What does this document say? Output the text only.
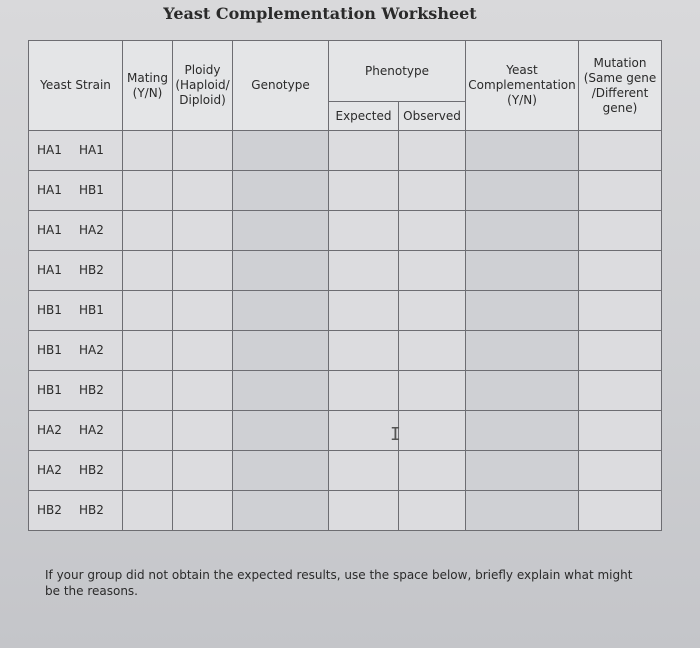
Yeast Complementation Worksheet
Yeast Strain	Mating (Y/N)	Ploidy (Haploid/ Diploid)	Genotype	Phenotype		Yeast Complementation (Y/N)	Mutation (Same gene /Different gene)
				Expected	Observed		
HA1 HA1							
HA1 HB1							
HA1 HA2							
HA1 HB2							
HB1 HB1							
HB1 HA2							
HB1 HB2							
HA2 HA2							
HA2 HB2							
HB2 HB2							
I
If your group did not obtain the expected results, use the space below, briefly explain what might be the reasons.
